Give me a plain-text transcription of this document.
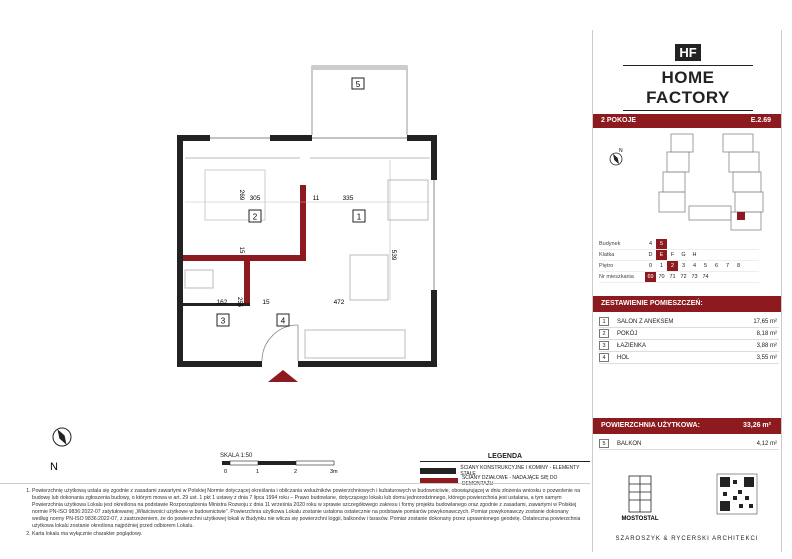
5
305	335
11
269
539
15
162 255	15	472
2	1
3	4
N
SKALA 1:50
0	1	2	3m
LEGENDA
ŚCIANY KONSTRUKCYJNE I KOMINY - ELEMENTY STAŁE
ŚCIANY DZIAŁOWE - NADAJĄCE SIĘ DO DEMONTAŻU
1. Powierzchnię użytkową ustala się zgodnie z zasadami zawartymi w Polskiej Normie dotyczącej określania i obliczania wskaźników powierzchniowych i kubaturowych w budownictwie, obowiązującej w dniu złożenia wniosku o pozwolenie na budowę lub dokonania zgłoszenia budowy, o którym mowa w art. 29 ust. 1 pkt 1 ustawy z dnia 7 lipca 1994 roku – Prawo budowlane, dotyczącego lokalu lub domu jednorodzinnego, którego powierzchnia jest ustalana, a tym samym Powierzchnia użytkowa Lokalu jest określona na podstawie Rozporządzenia Ministra Rozwoju z dnia 11 września 2020 roku w sprawie szczegółowego zakresu i formy projektu budowlanego oraz zgodnie z zasadami, zawartymi w Polskiej normie PN-ISO 9836:2022-07 zatytułowanej „Właściwości użytkowe w budownictwie”. Powierzchnia użytkowa Lokalu zostanie ustalona ostatecznie na podstawie pomiarów powykonawczych. Pomiar powykonawczy zostanie dokonany według normy PN-ISO 9836:2022-07, z zastrzeżeniem, że do powierzchni użytkowej lokali w Budynku nie wlicza się powierzchni loggii, balkonów i tarasów. Pomiar zostanie dokonany przez uprawnionego geodetę. Ostateczna powierzchnia użytkowa lokalu zostanie określona najpóźniej przed odbiorem Lokalu.
2. Karta lokalu ma wyłącznie charakter poglądowy.
HF
HOME FACTORY
2 POKOJE	E.2.69
N
Budynek	4	5
Klatka	D	E	F	G	H
Piętro	0	1	2	3	4	5	6	7	8
Nr mieszkania	69 70 71 72 73 74
ZESTAWIENIE POMIESZCZEŃ:
1	SALON Z ANEKSEM	17,65 m²
2	POKÓJ	8,18 m²
3	ŁAZIENKA	3,88 m²
4	HOL	3,55 m²
POWIERZCHNIA UŻYTKOWA:	33,26 m²
5	BALKON	4,12 m²
MOSTOSTAL
SZAROSZYK & RYCERSKI ARCHITEKCI
